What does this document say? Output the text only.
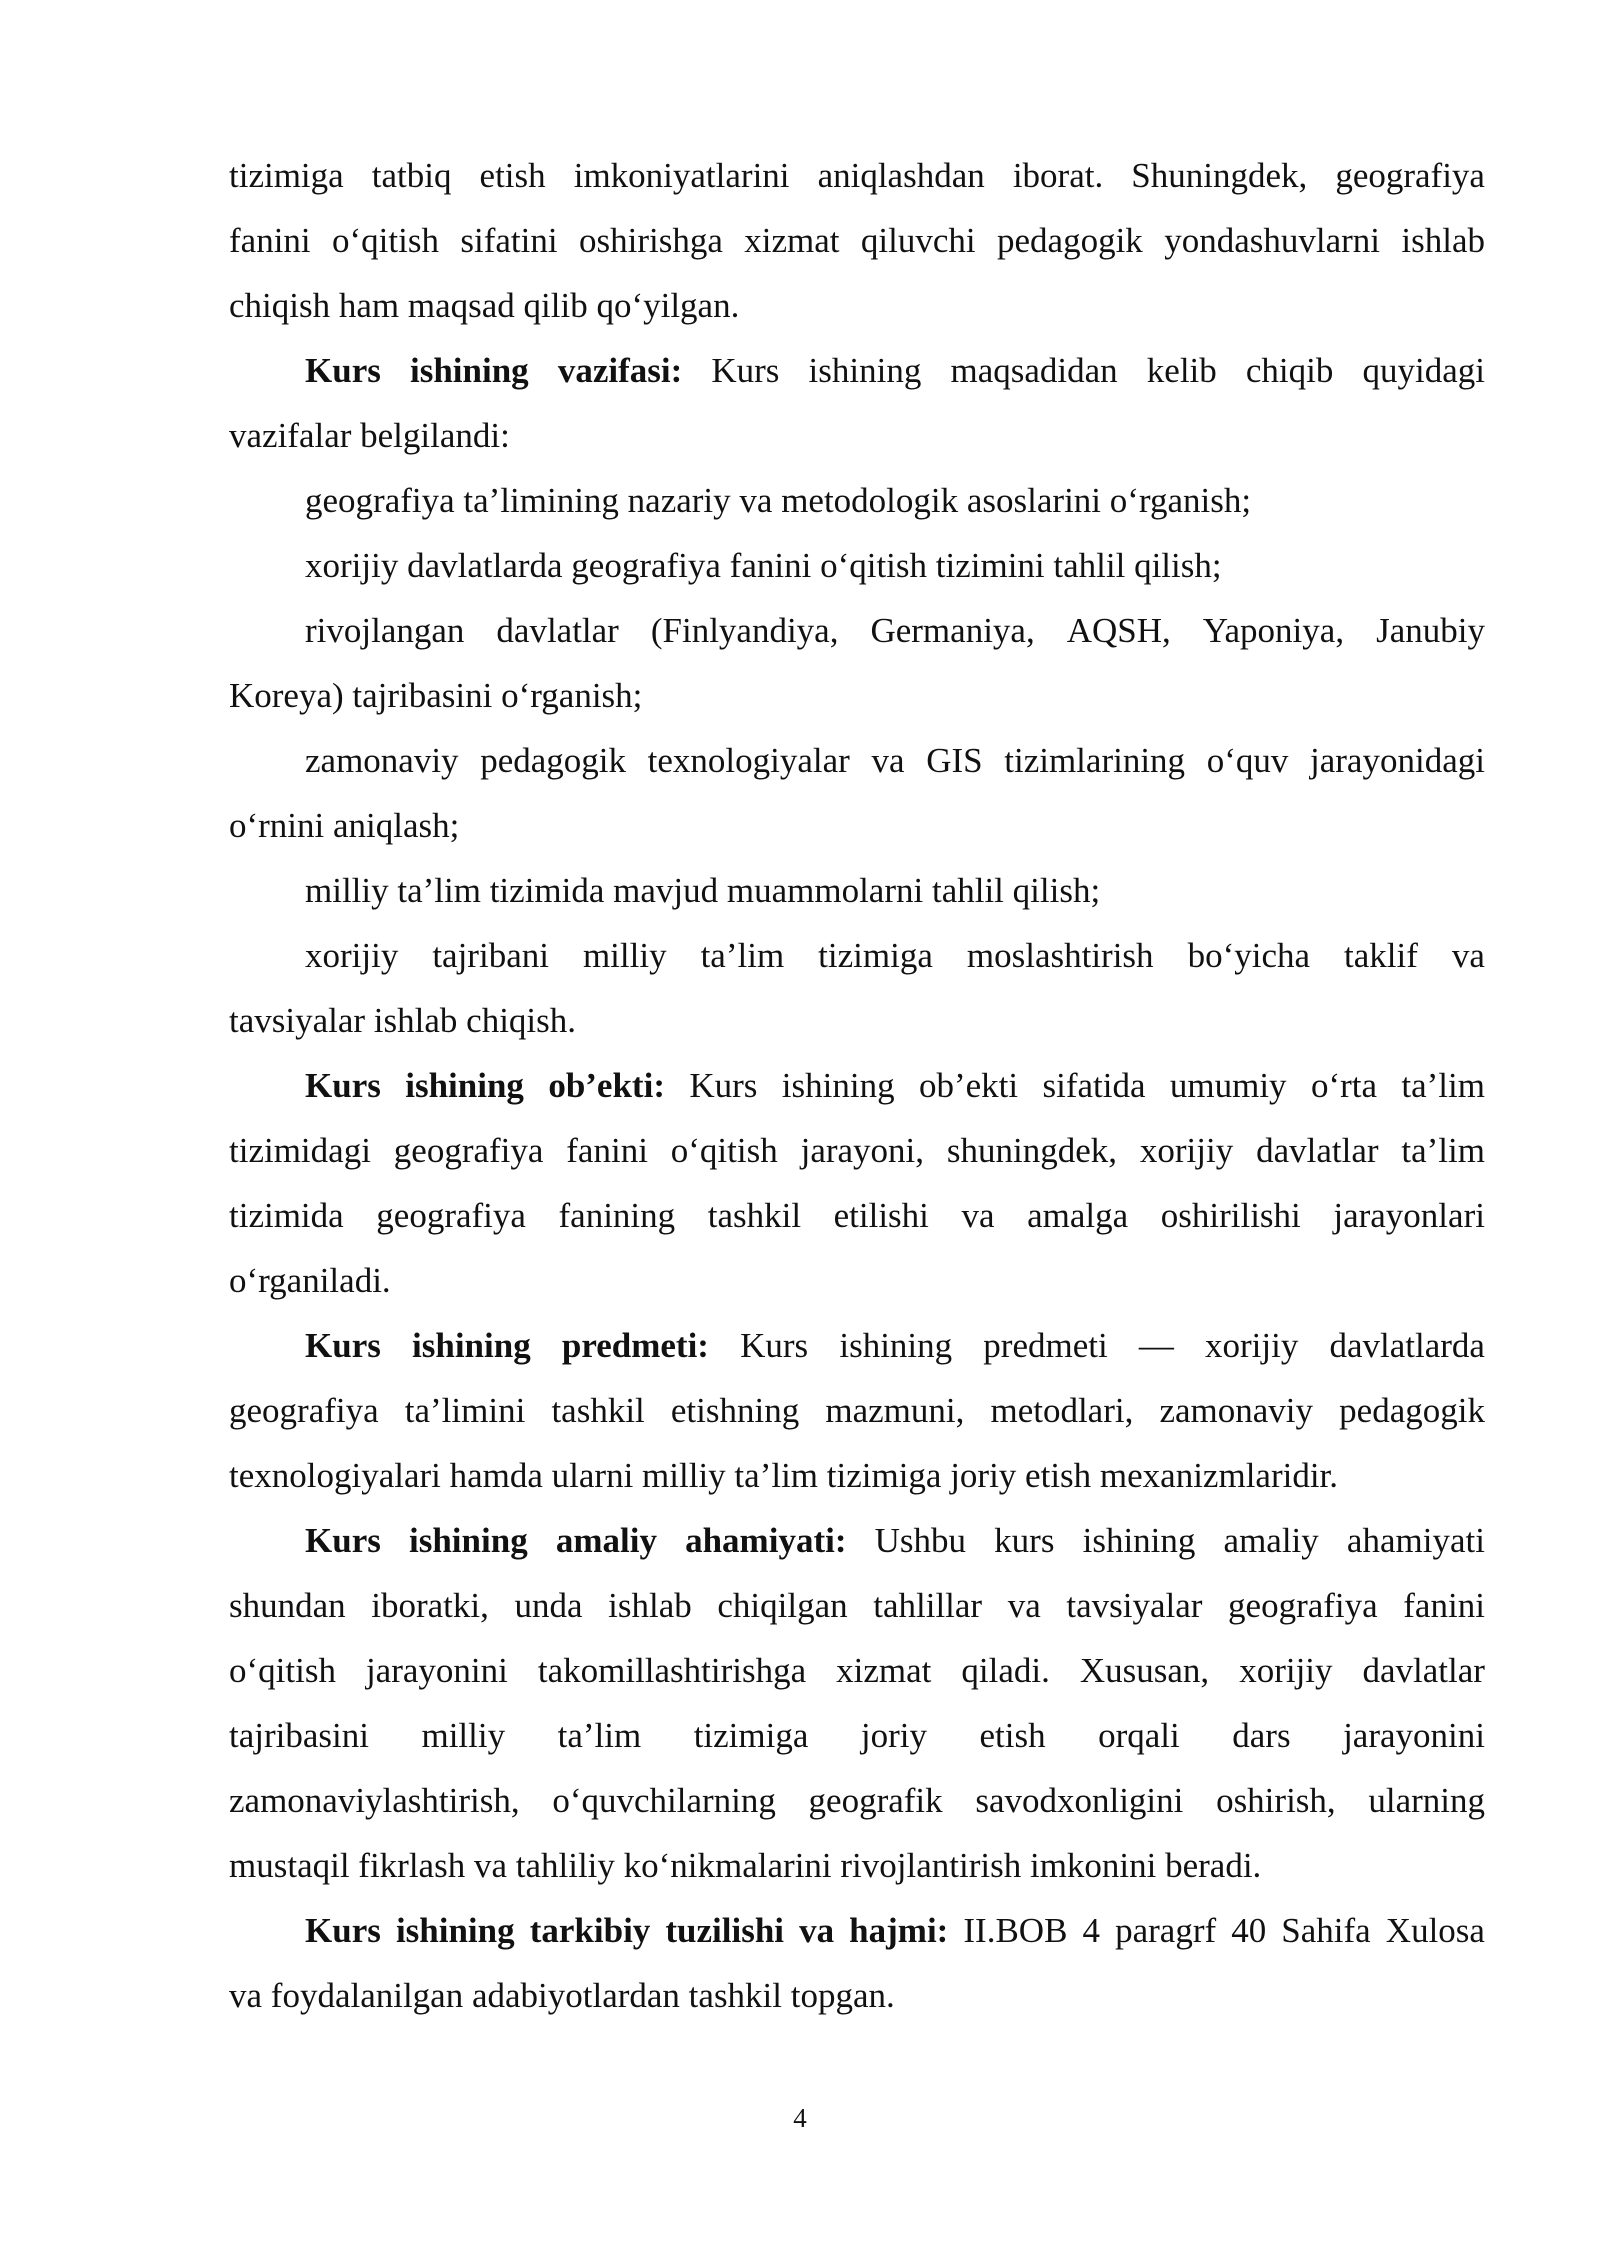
tizimiga tatbiq etish imkoniyatlarini aniqlashdan iborat. Shuningdek, geografiya
fanini o‘qitish sifatini oshirishga xizmat qiluvchi pedagogik yondashuvlarni ishlab
chiqish ham maqsad qilib qo‘yilgan.
Kurs ishining vazifasi: Kurs ishining maqsadidan kelib chiqib quyidagi
vazifalar belgilandi:
geografiya ta’limining nazariy va metodologik asoslarini o‘rganish;
xorijiy davlatlarda geografiya fanini o‘qitish tizimini tahlil qilish;
rivojlangan davlatlar (Finlyandiya, Germaniya, AQSH, Yaponiya, Janubiy
Koreya) tajribasini o‘rganish;
zamonaviy pedagogik texnologiyalar va GIS tizimlarining o‘quv jarayonidagi
o‘rnini aniqlash;
milliy ta’lim tizimida mavjud muammolarni tahlil qilish;
xorijiy tajribani milliy ta’lim tizimiga moslashtirish bo‘yicha taklif va
tavsiyalar ishlab chiqish.
Kurs ishining ob’ekti: Kurs ishining ob’ekti sifatida umumiy o‘rta ta’lim
tizimidagi geografiya fanini o‘qitish jarayoni, shuningdek, xorijiy davlatlar ta’lim
tizimida geografiya fanining tashkil etilishi va amalga oshirilishi jarayonlari
o‘rganiladi.
Kurs ishining predmeti: Kurs ishining predmeti — xorijiy davlatlarda
geografiya ta’limini tashkil etishning mazmuni, metodlari, zamonaviy pedagogik
texnologiyalari hamda ularni milliy ta’lim tizimiga joriy etish mexanizmlaridir.
Kurs ishining amaliy ahamiyati: Ushbu kurs ishining amaliy ahamiyati
shundan iboratki, unda ishlab chiqilgan tahlillar va tavsiyalar geografiya fanini
o‘qitish jarayonini takomillashtirishga xizmat qiladi. Xususan, xorijiy davlatlar
tajribasini milliy ta’lim tizimiga joriy etish orqali dars jarayonini
zamonaviylashtirish, o‘quvchilarning geografik savodxonligini oshirish, ularning
mustaqil fikrlash va tahliliy ko‘nikmalarini rivojlantirish imkonini beradi.
Kurs ishining tarkibiy tuzilishi va hajmi: II.BOB 4 paragrf 40 Sahifa Xulosa
va foydalanilgan adabiyotlardan tashkil topgan.
4
